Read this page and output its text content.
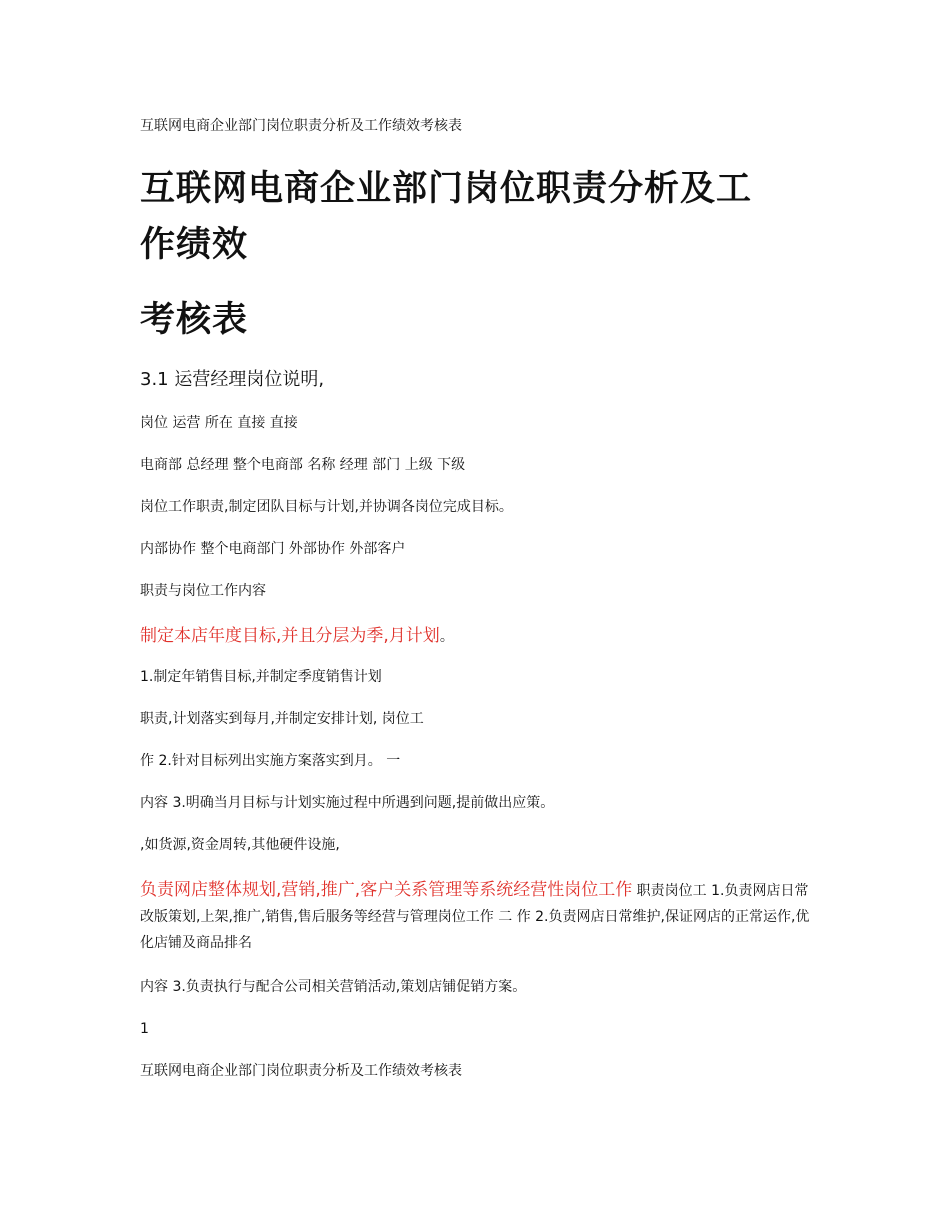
互联网电商企业部门岗位职责分析及工作绩效考核表
互联网电商企业部门岗位职责分析及工
作绩效
考核表
3.1 运营经理岗位说明,
岗位 运营 所在 直接 直接
电商部 总经理 整个电商部 名称 经理 部门 上级 下级
岗位工作职责,制定团队目标与计划,并协调各岗位完成目标。
内部协作 整个电商部门 外部协作 外部客户
职责与岗位工作内容
制定本店年度目标,并且分层为季,月计划。
1.制定年销售目标,并制定季度销售计划
职责,计划落实到每月,并制定安排计划, 岗位工
作 2.针对目标列出实施方案落实到月。 一
内容 3.明确当月目标与计划实施过程中所遇到问题,提前做出应策。
,如货源,资金周转,其他硬件设施,
负责网店整体规划,营销,推广,客户关系管理等系统经营性岗位工作 职责岗位工 1.负责网店日常改版策划,上架,推广,销售,售后服务等经营与管理岗位工作 二 作 2.负责网店日常维护,保证网店的正常运作,优化店铺及商品排名
内容 3.负责执行与配合公司相关营销活动,策划店铺促销方案。
1
互联网电商企业部门岗位职责分析及工作绩效考核表
